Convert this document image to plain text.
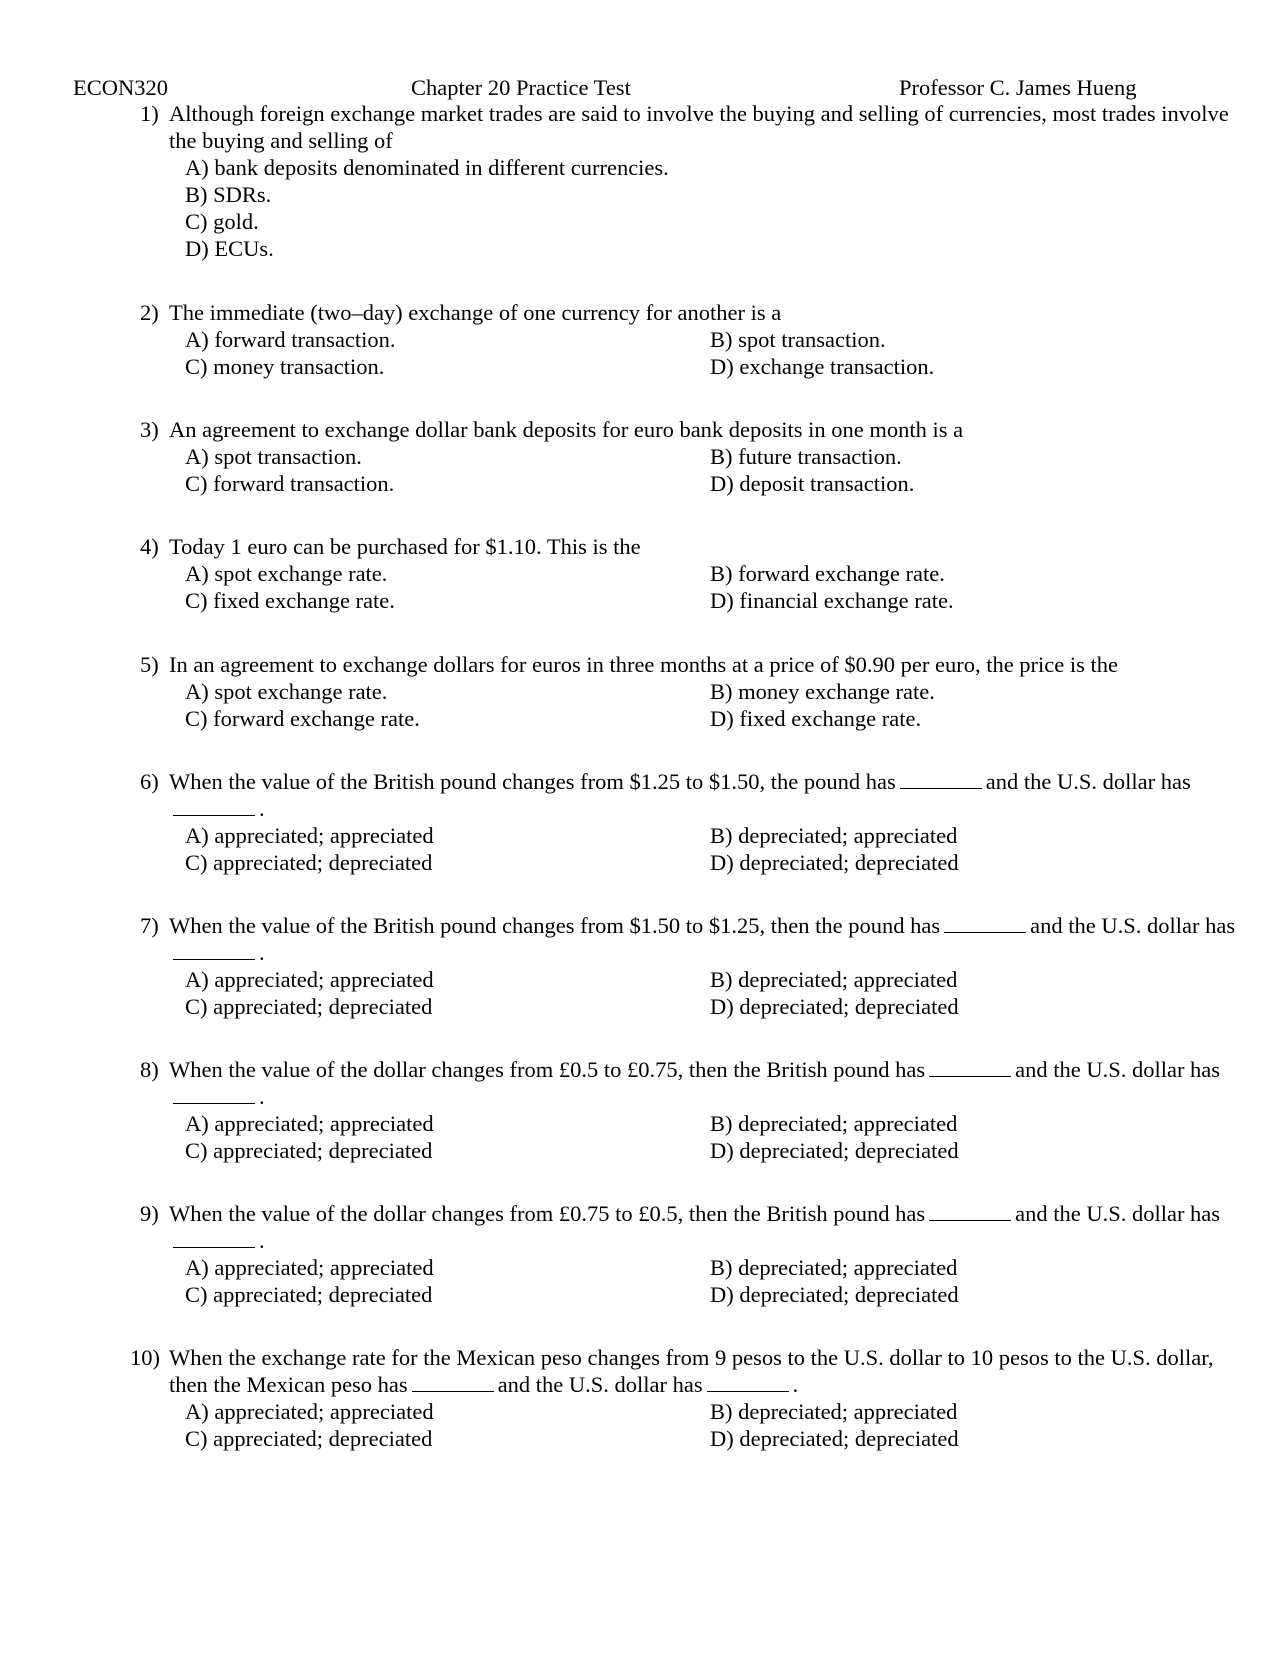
ECON320	Chapter 20 Practice Test	Professor C. James Hueng
1) Although foreign exchange market trades are said to involve the buying and selling of currencies, most trades involve the buying and selling of
A) bank deposits denominated in different currencies.
B) SDRs.
C) gold.
D) ECUs.
2) The immediate (two–day) exchange of one currency for another is a
A) forward transaction.	B) spot transaction.
C) money transaction.	D) exchange transaction.
3) An agreement to exchange dollar bank deposits for euro bank deposits in one month is a
A) spot transaction.	B) future transaction.
C) forward transaction.	D) deposit transaction.
4) Today 1 euro can be purchased for $1.10. This is the
A) spot exchange rate.	B) forward exchange rate.
C) fixed exchange rate.	D) financial exchange rate.
5) In an agreement to exchange dollars for euros in three months at a price of $0.90 per euro, the price is the
A) spot exchange rate.	B) money exchange rate.
C) forward exchange rate.	D) fixed exchange rate.
6) When the value of the British pound changes from $1.25 to $1.50, the pound has	and the U.S. dollar has.
A) appreciated; appreciated	B) depreciated; appreciated
C) appreciated; depreciated	D) depreciated; depreciated
7) When the value of the British pound changes from $1.50 to $1.25, then the pound has	and the U.S. dollar has.
A) appreciated; appreciated	B) depreciated; appreciated
C) appreciated; depreciated	D) depreciated; depreciated
8) When the value of the dollar changes from £0.5 to £0.75, then the British pound has	and the U.S. dollar has.
A) appreciated; appreciated	B) depreciated; appreciated
C) appreciated; depreciated	D) depreciated; depreciated
9) When the value of the dollar changes from £0.75 to £0.5, then the British pound has	and the U.S. dollar has.
A) appreciated; appreciated	B) depreciated; appreciated
C) appreciated; depreciated	D) depreciated; depreciated
10) When the exchange rate for the Mexican peso changes from 9 pesos to the U.S. dollar to 10 pesos to the U.S. dollar, then the Mexican peso has	and the U.S. dollar has	.
A) appreciated; appreciated	B) depreciated; appreciated
C) appreciated; depreciated	D) depreciated; depreciated
